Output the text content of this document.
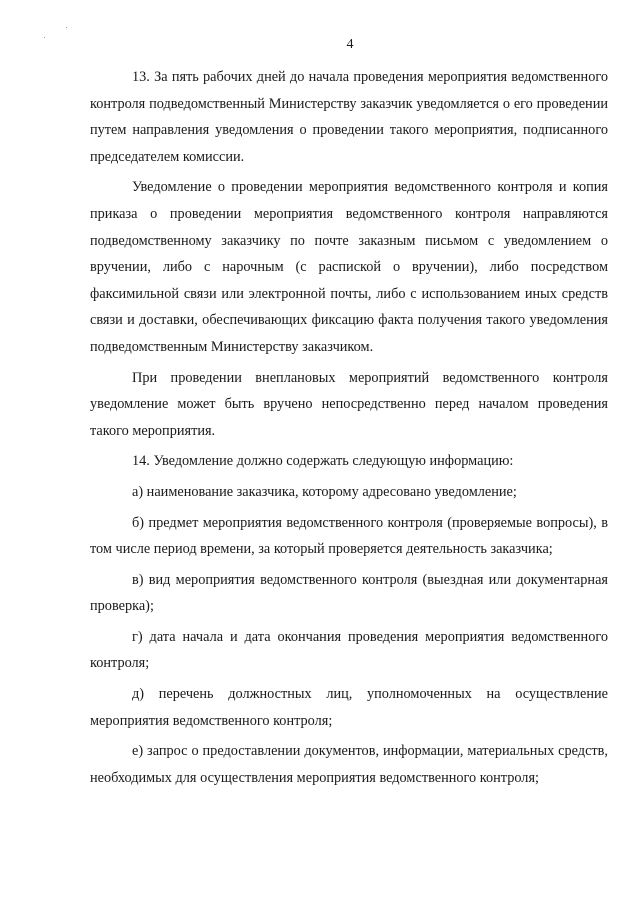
4

13. За пять рабочих дней до начала проведения мероприятия ведомственного контроля подведомственный Министерству заказчик уведомляется о его проведении путем направления уведомления о проведении такого мероприятия, подписанного председателем комиссии.

Уведомление о проведении мероприятия ведомственного контроля и копия приказа о проведении мероприятия ведомственного контроля направляются подведомственному заказчику по почте заказным письмом с уведомлением о вручении, либо с нарочным (с распиской о вручении), либо посредством факсимильной связи или электронной почты, либо с использованием иных средств связи и доставки, обеспечивающих фиксацию факта получения такого уведомления подведомственным Министерству заказчиком.

При проведении внеплановых мероприятий ведомственного контроля уведомление может быть вручено непосредственно перед началом проведения такого мероприятия.

14. Уведомление должно содержать следующую информацию:

а) наименование заказчика, которому адресовано уведомление;

б) предмет мероприятия ведомственного контроля (проверяемые вопросы), в том числе период времени, за который проверяется деятельность заказчика;

в) вид мероприятия ведомственного контроля (выездная или документарная проверка);

г) дата начала и дата окончания проведения мероприятия ведомственного контроля;

д) перечень должностных лиц, уполномоченных на осуществление мероприятия ведомственного контроля;

е) запрос о предоставлении документов, информации, материальных средств, необходимых для осуществления мероприятия ведомственного контроля;
